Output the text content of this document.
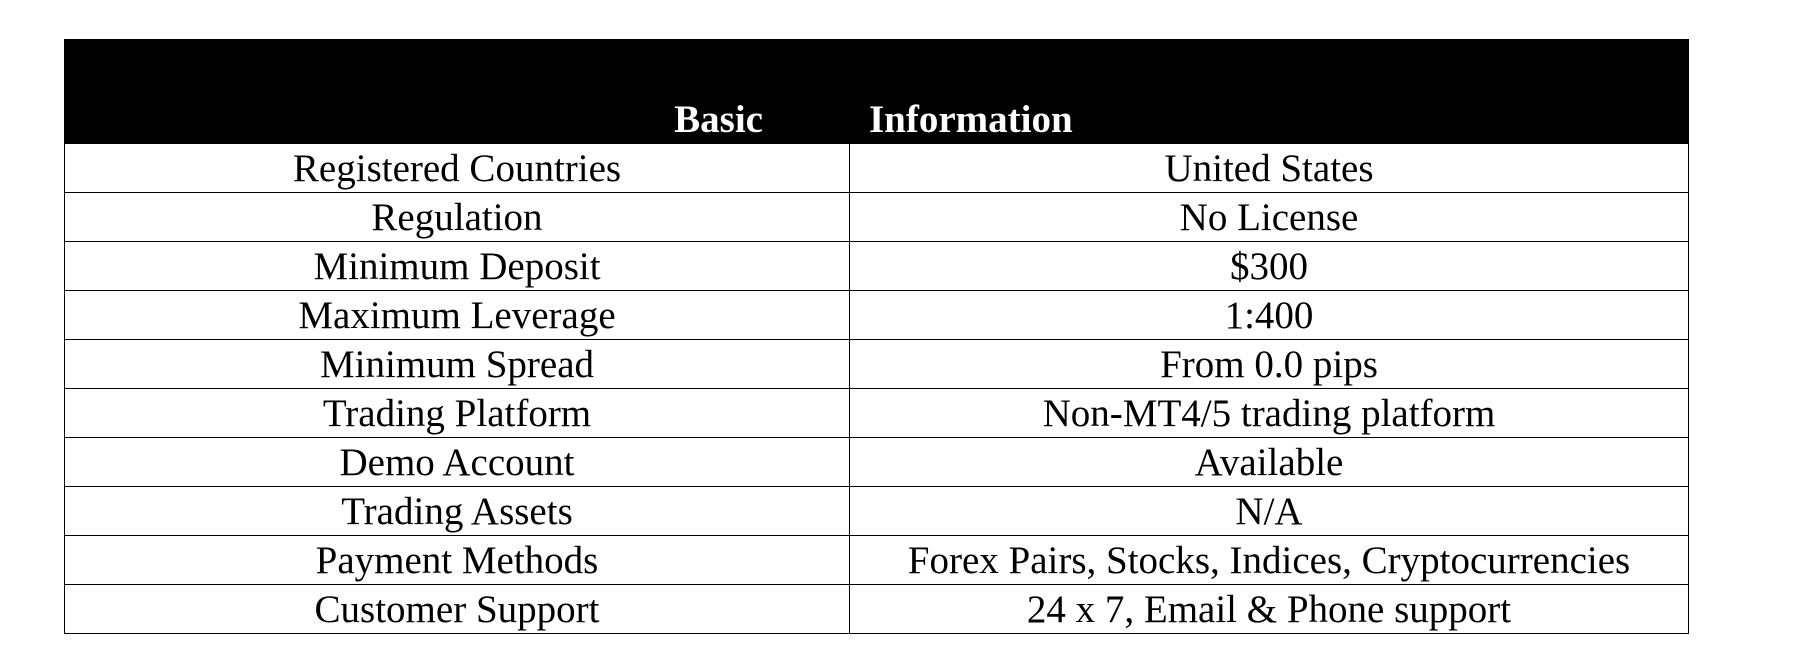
Basic	Information
Registered Countries	United States
Regulation	No License
Minimum Deposit	$300
Maximum Leverage	1:400
Minimum Spread	From 0.0 pips
Trading Platform	Non-MT4/5 trading platform
Demo Account	Available
Trading Assets	N/A
Payment Methods	Forex Pairs, Stocks, Indices, Cryptocurrencies
Customer Support	24 x 7, Email & Phone support
